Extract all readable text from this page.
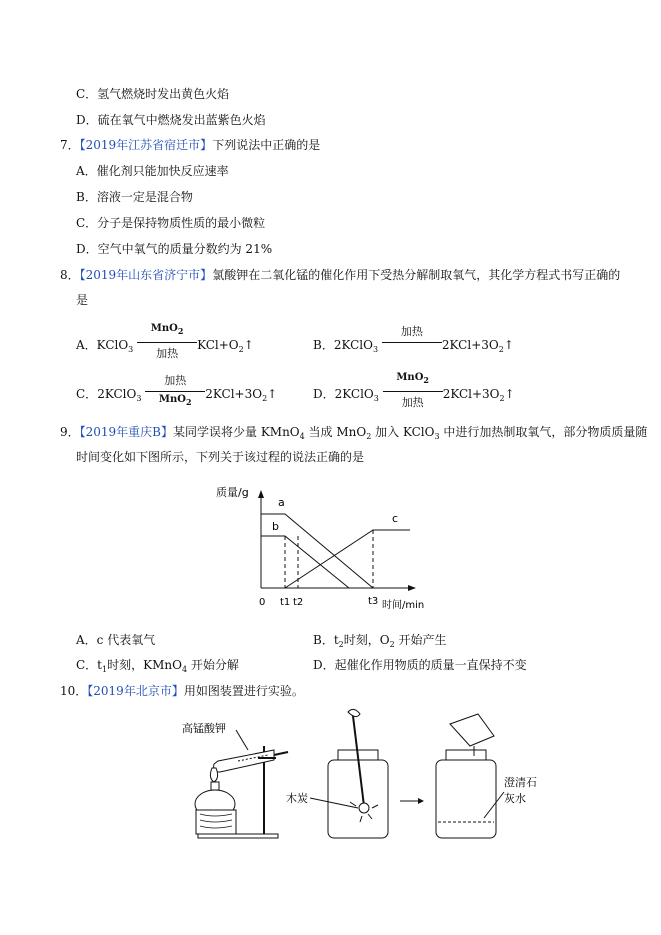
C．氢气燃烧时发出黄色火焰
D．硫在氧气中燃烧发出蓝紫色火焰
7．【2019年江苏省宿迁市】下列说法中正确的是
A．催化剂只能加快反应速率
B．溶液一定是混合物
C．分子是保持物质性质的最小微粒
D．空气中氧气的质量分数约为 21%
8．【2019年山东省济宁市】氯酸钾在二氧化锰的催化作用下受热分解制取氧气，其化学方程式书写正确的
是
A．KClO$_3$
MnO$_2$
加热
$KCl+O_2↑$	B．2KClO$_3$
加热
$2KCl+3O_2↑$
C．2KClO$_3$
加热
MnO$_2$
$2KCl+3O_2↑$	D．2KClO$_3$
MnO$_2$
加热
$2KCl+3O_2↑$
9．【2019年重庆B】某同学误将少量 KMnO$_4$ 当成 MnO$_2$ 加入 KClO$_3$ 中进行加热制取氧气，部分物质质量随
时间变化如下图所示，下列关于该过程的说法正确的是
质量/g
a
b
c
0 t1 t2	t3 时间/min
A．c 代表氧气	B．$t_2$时刻，$O_2$ 开始产生
C．$t_1$时刻，KMnO$_4$ 开始分解	D．起催化作用物质的质量一直保持不变
10．【2019年北京市】用如图装置进行实验。
高锰酸钾
木炭
澄清石
灰水
